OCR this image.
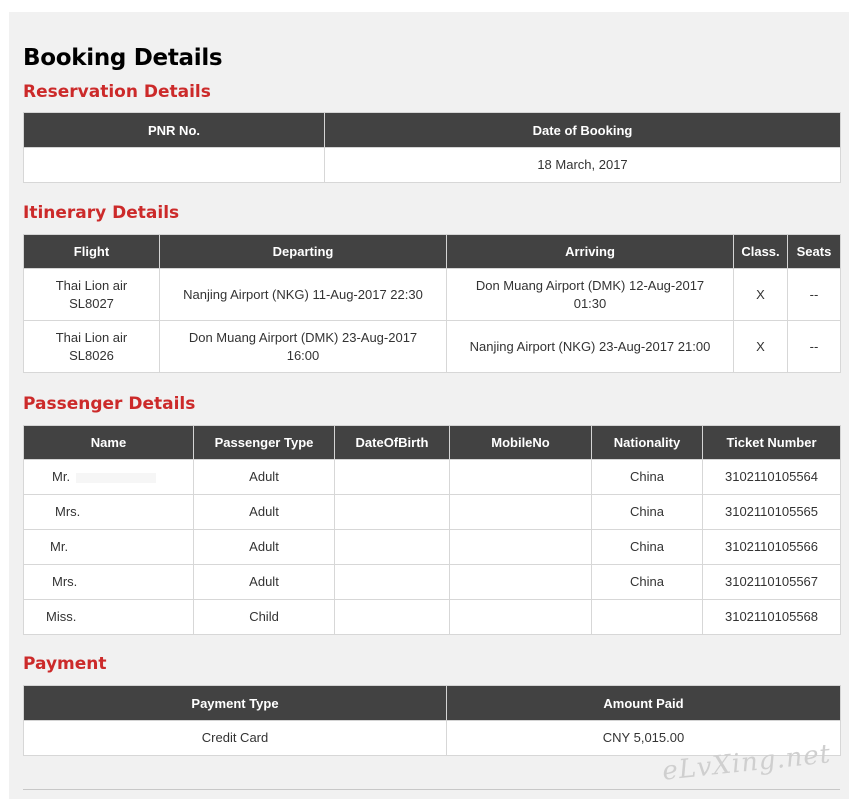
Booking Details
Reservation Details
PNR No.	Date of Booking
	18 March, 2017
Itinerary Details
Flight	Departing	Arriving	Class.	Seats
Thai Lion air
SL8027	Nanjing Airport (NKG) 11-Aug-2017 22:30	Don Muang Airport (DMK) 12-Aug-2017 01:30	X	--
Thai Lion air
SL8026	Don Muang Airport (DMK) 23-Aug-2017 16:00	Nanjing Airport (NKG) 23-Aug-2017 21:00	X	--
Passenger Details
Name	Passenger Type	DateOfBirth	MobileNo	Nationality	Ticket Number
Mr.	Adult			China	3102110105564
Mrs.	Adult			China	3102110105565
Mr.	Adult			China	3102110105566
Mrs.	Adult			China	3102110105567
Miss.	Child				3102110105568
Payment
Payment Type	Amount Paid
Credit Card	CNY 5,015.00
eLvXing.net
